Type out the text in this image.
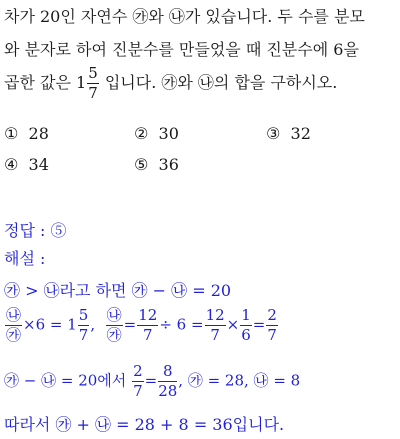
차가 20인 자연수 ㉮와 ㉯가 있습니다. 두 수를 분모
와 분자로 하여 진분수를 만들었을 때 진분수에 6을
곱한 값은 $1 \frac{5}{7}$ 입니다. ㉮와 ㉯의 합을 구하시오.
① 28	② 30	③ 32
④ 34	⑤ 36
정답 : ⑤
해설 :
㉮ > ㉯라고 하면 ㉮ − ㉯ = 20
$\frac{㉯}{㉮} \times 6 = 1 \frac{5}{7}$ , $\frac{㉯}{㉮} = \frac{12}{7} \div 6 = \frac{12}{7} \times \frac{1}{6} = \frac{2}{7}$
㉮ − ㉯ = 20에서 $\frac{2}{7} = \frac{8}{28}$ , ㉮ = 28, ㉯ = 8
따라서 ㉮ + ㉯ = 28 + 8 = 36입니다.
